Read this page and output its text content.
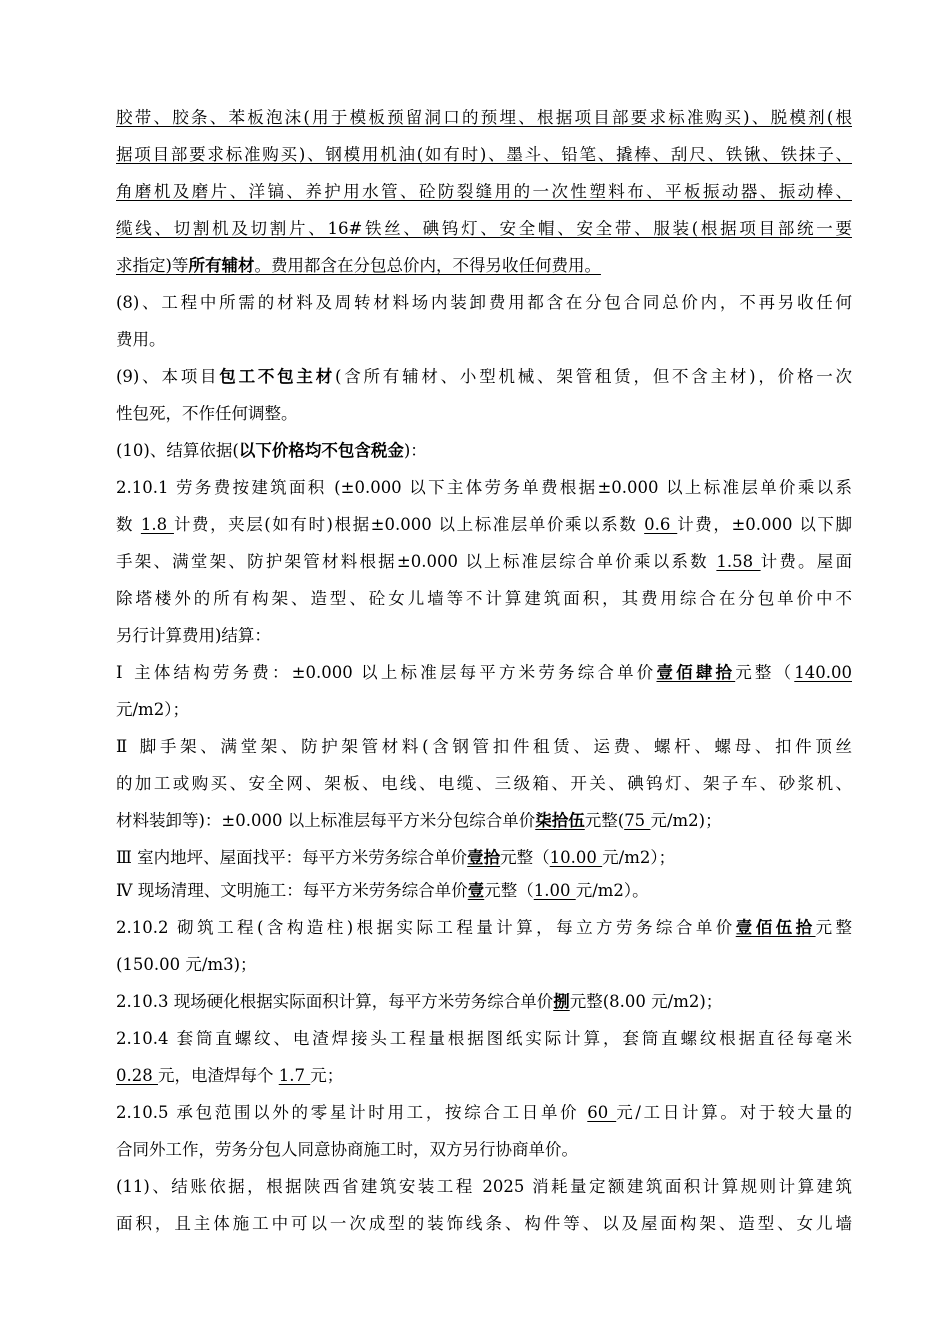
胶带、胶条、苯板泡沫(用于模板预留洞口的预埋、根据项目部要求标准购买)、脱模剂(根
据项目部要求标准购买)、钢模用机油(如有时)、墨斗、铅笔、撬棒、刮尺、铁锹、铁抹子、
角磨机及磨片、洋镐、养护用水管、砼防裂缝用的一次性塑料布、平板振动器、振动棒、
缆线、切割机及切割片、16#铁丝、碘钨灯、安全帽、安全带、服装(根据项目部统一要
求指定)等所有辅材。费用都含在分包总价内，不得另收任何费用。
(8)、工程中所需的材料及周转材料场内装卸费用都含在分包合同总价内，不再另收任何
费用。
(9)、本项目包工不包主材(含所有辅材、小型机械、架管租赁，但不含主材)，价格一次
性包死，不作任何调整。
(10)、结算依据(以下价格均不包含税金)：
2.10.1 劳务费按建筑面积 (±0.000 以下主体劳务单费根据±0.000 以上标准层单价乘以系
数 1.8 计费，夹层(如有时)根据±0.000 以上标准层单价乘以系数 0.6 计费，±0.000 以下脚
手架、满堂架、防护架管材料根据±0.000 以上标准层综合单价乘以系数 1.58 计费。屋面
除塔楼外的所有构架、造型、砼女儿墙等不计算建筑面积，其费用综合在分包单价中不
另行计算费用)结算：
Ⅰ 主体结构劳务费：±0.000 以上标准层每平方米劳务综合单价壹佰肆拾元整（140.00
元/m2）；
Ⅱ 脚手架、满堂架、防护架管材料(含钢管扣件租赁、运费、螺杆、螺母、扣件顶丝
的加工或购买、安全网、架板、电线、电缆、三级箱、开关、碘钨灯、架子车、砂浆机、
材料装卸等)：±0.000 以上标准层每平方米分包综合单价柒拾伍元整(75 元/m2)；
Ⅲ 室内地坪、屋面找平：每平方米劳务综合单价壹拾元整（10.00 元/m2）；
Ⅳ 现场清理、文明施工：每平方米劳务综合单价壹元整（1.00 元/m2）。
2.10.2 砌筑工程(含构造柱)根据实际工程量计算，每立方劳务综合单价壹佰伍拾元整
(150.00 元/m3)；
2.10.3 现场硬化根据实际面积计算，每平方米劳务综合单价捌元整(8.00 元/m2)；
2.10.4 套筒直螺纹、电渣焊接头工程量根据图纸实际计算，套筒直螺纹根据直径每毫米
0.28 元，电渣焊每个 1.7 元；
2.10.5 承包范围以外的零星计时用工，按综合工日单价 60 元/工日计算。对于较大量的
合同外工作，劳务分包人同意协商施工时，双方另行协商单价。
(11)、结账依据，根据陕西省建筑安装工程 2025 消耗量定额建筑面积计算规则计算建筑
面积，且主体施工中可以一次成型的装饰线条、构件等、以及屋面构架、造型、女儿墙
